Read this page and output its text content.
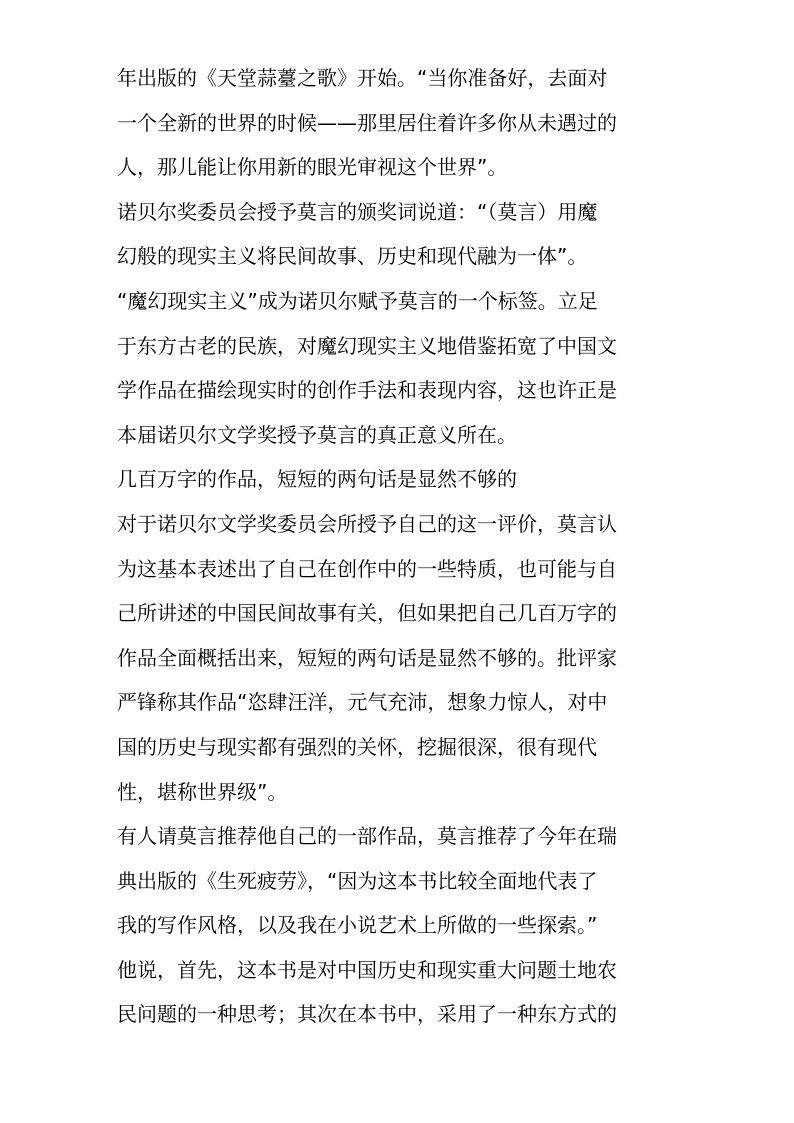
年出版的《天堂蒜薹之歌》开始。“当你准备好，去面对
一个全新的世界的时候——那里居住着许多你从未遇过的
人，那儿能让你用新的眼光审视这个世界”。
诺贝尔奖委员会授予莫言的颁奖词说道：“（莫言）用魔
幻般的现实主义将民间故事、历史和现代融为一体”。
“魔幻现实主义”成为诺贝尔赋予莫言的一个标签。立足
于东方古老的民族，对魔幻现实主义地借鉴拓宽了中国文
学作品在描绘现实时的创作手法和表现内容，这也许正是
本届诺贝尔文学奖授予莫言的真正意义所在。
几百万字的作品，短短的两句话是显然不够的
对于诺贝尔文学奖委员会所授予自己的这一评价，莫言认
为这基本表述出了自己在创作中的一些特质，也可能与自
己所讲述的中国民间故事有关，但如果把自己几百万字的
作品全面概括出来，短短的两句话是显然不够的。批评家
严锋称其作品“恣肆汪洋，元气充沛，想象力惊人，对中
国的历史与现实都有强烈的关怀，挖掘很深，很有现代
性，堪称世界级”。
有人请莫言推荐他自己的一部作品，莫言推荐了今年在瑞
典出版的《生死疲劳》，“因为这本书比较全面地代表了
我的写作风格，以及我在小说艺术上所做的一些探索。”
他说，首先，这本书是对中国历史和现实重大问题土地农
民问题的一种思考；其次在本书中，采用了一种东方式的
